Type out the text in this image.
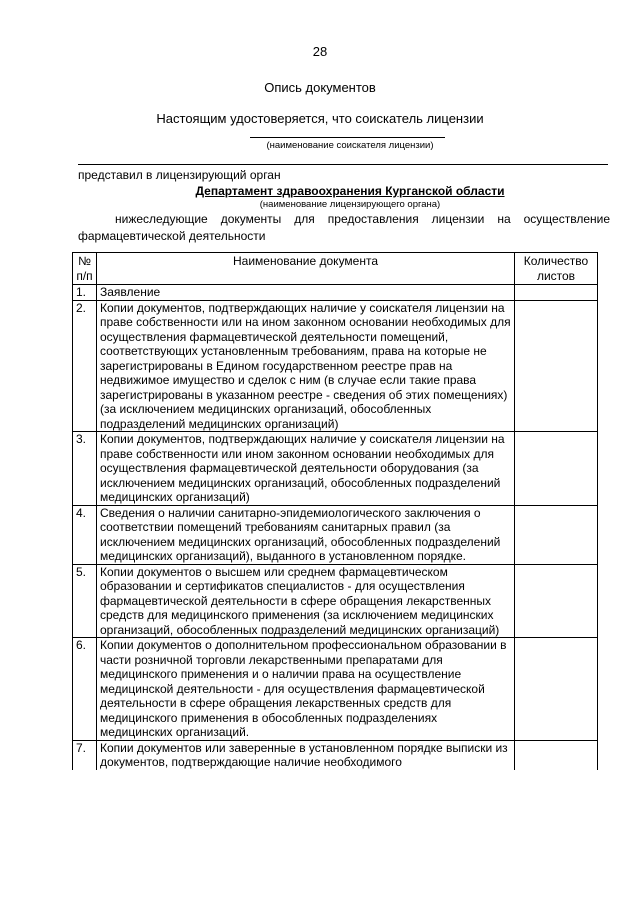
28
Опись документов
Настоящим удостоверяется, что соискатель лицензии
(наименование соискателя лицензии)
представил в лицензирующий орган
Департамент здравоохранения Курганской области
(наименование лицензирующего органа)
нижеследующие документы для предоставления лицензии на осуществление
фармацевтической деятельности
№ п/п	Наименование документа	Количество листов
1.	Заявление	
2.	Копии документов, подтверждающих наличие у соискателя лицензии на праве собственности или на ином законном основании необходимых для осуществления фармацевтической деятельности помещений, соответствующих установленным требованиям, права на которые не зарегистрированы в Едином государственном реестре прав на недвижимое имущество и сделок с ним (в случае если такие права зарегистрированы в указанном реестре - сведения об этих помещениях) (за исключением медицинских организаций, обособленных подразделений медицинских организаций)	
3.	Копии документов, подтверждающих наличие у соискателя лицензии на праве собственности или ином законном основании необходимых для осуществления фармацевтической деятельности оборудования (за исключением медицинских организаций, обособленных подразделений медицинских организаций)	
4.	Сведения о наличии санитарно-эпидемиологического заключения о соответствии помещений требованиям санитарных правил (за исключением медицинских организаций, обособленных подразделений медицинских организаций), выданного в установленном порядке.	
5.	Копии документов о высшем или среднем фармацевтическом образовании и сертификатов специалистов - для осуществления фармацевтической деятельности в сфере обращения лекарственных средств для медицинского применения (за исключением медицинских организаций, обособленных подразделений медицинских организаций)	
6.	Копии документов о дополнительном профессиональном образовании в части розничной торговли лекарственными препаратами для медицинского применения и о наличии права на осуществление медицинской деятельности - для осуществления фармацевтической деятельности в сфере обращения лекарственных средств для медицинского применения в обособленных подразделениях медицинских организаций.	
7.	Копии документов или заверенные в установленном порядке выписки из документов, подтверждающие наличие необходимого	
